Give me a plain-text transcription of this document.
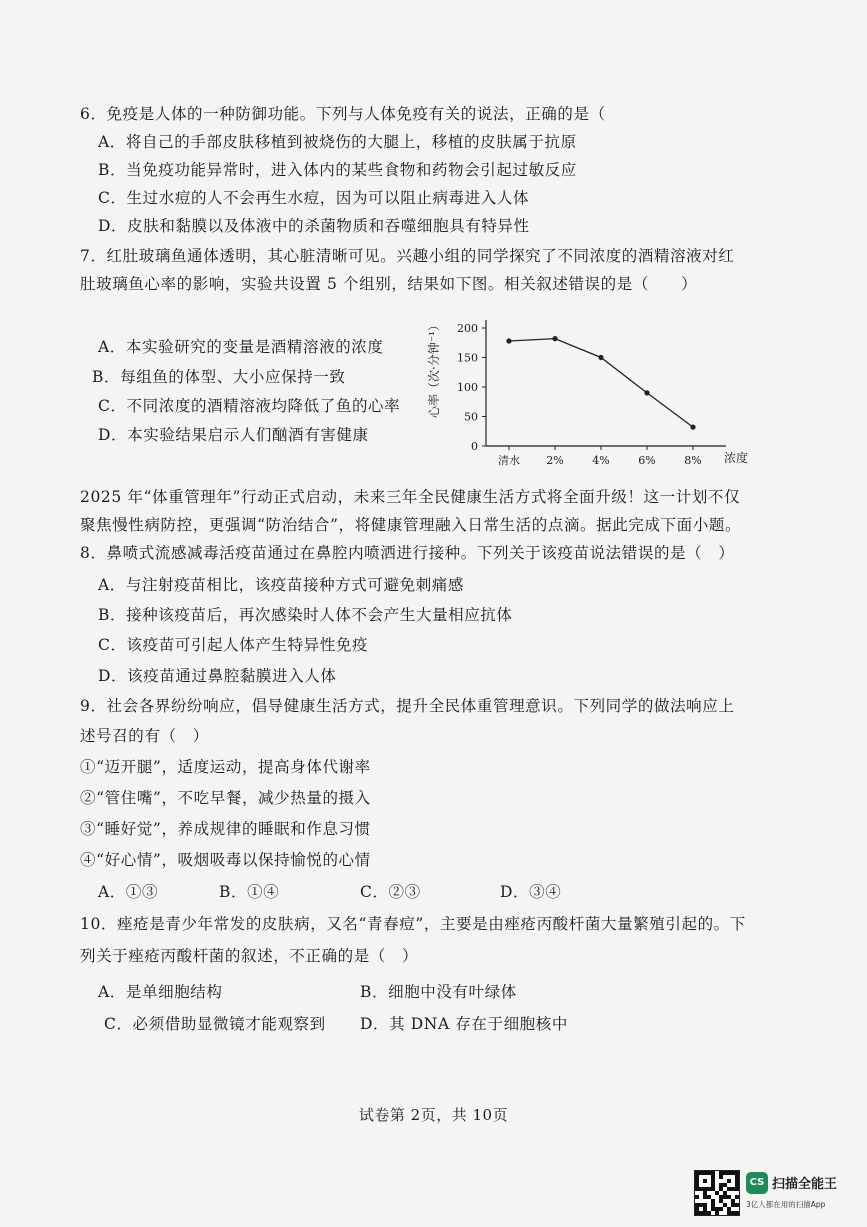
6．免疫是人体的一种防御功能。下列与人体免疫有关的说法，正确的是（
A．将自己的手部皮肤移植到被烧伤的大腿上，移植的皮肤属于抗原
B．当免疫功能异常时，进入体内的某些食物和药物会引起过敏反应
C．生过水痘的人不会再生水痘，因为可以阻止病毒进入人体
D．皮肤和黏膜以及体液中的杀菌物质和吞噬细胞具有特异性
7．红肚玻璃鱼通体透明，其心脏清晰可见。兴趣小组的同学探究了不同浓度的酒精溶液对红
肚玻璃鱼心率的影响，实验共设置 5 个组别，结果如下图。相关叙述错误的是（　　）
A．本实验研究的变量是酒精溶液的浓度
B．每组鱼的体型、大小应保持一致
C．不同浓度的酒精溶液均降低了鱼的心率
D．本实验结果启示人们酗酒有害健康
0
50
100
150
200
清水 2%	4%	6%	8%
心率（次·分钟⁻¹）
浓度
2025 年“体重管理年”行动正式启动，未来三年全民健康生活方式将全面升级！这一计划不仅
聚焦慢性病防控，更强调“防治结合”，将健康管理融入日常生活的点滴。据此完成下面小题。
8．鼻喷式流感减毒活疫苗通过在鼻腔内喷洒进行接种。下列关于该疫苗说法错误的是（　）
A．与注射疫苗相比，该疫苗接种方式可避免刺痛感
B．接种该疫苗后，再次感染时人体不会产生大量相应抗体
C．该疫苗可引起人体产生特异性免疫
D．该疫苗通过鼻腔黏膜进入人体
9．社会各界纷纷响应，倡导健康生活方式，提升全民体重管理意识。下列同学的做法响应上
述号召的有（　）
①“迈开腿”，适度运动，提高身体代谢率
②“管住嘴”，不吃早餐，减少热量的摄入
③“睡好觉”，养成规律的睡眠和作息习惯
④“好心情”，吸烟吸毒以保持愉悦的心情
A．①③	B．①④	C．②③	D．③④
10．痤疮是青少年常发的皮肤病，又名“青春痘”，主要是由痤疮丙酸杆菌大量繁殖引起的。下
列关于痤疮丙酸杆菌的叙述，不正确的是（　）
A．是单细胞结构	B．细胞中没有叶绿体
C．必须借助显微镜才能观察到 D．其 DNA 存在于细胞核中
试卷第 2页，共 10页
CS 扫描全能王
3亿人都在用的扫描App
